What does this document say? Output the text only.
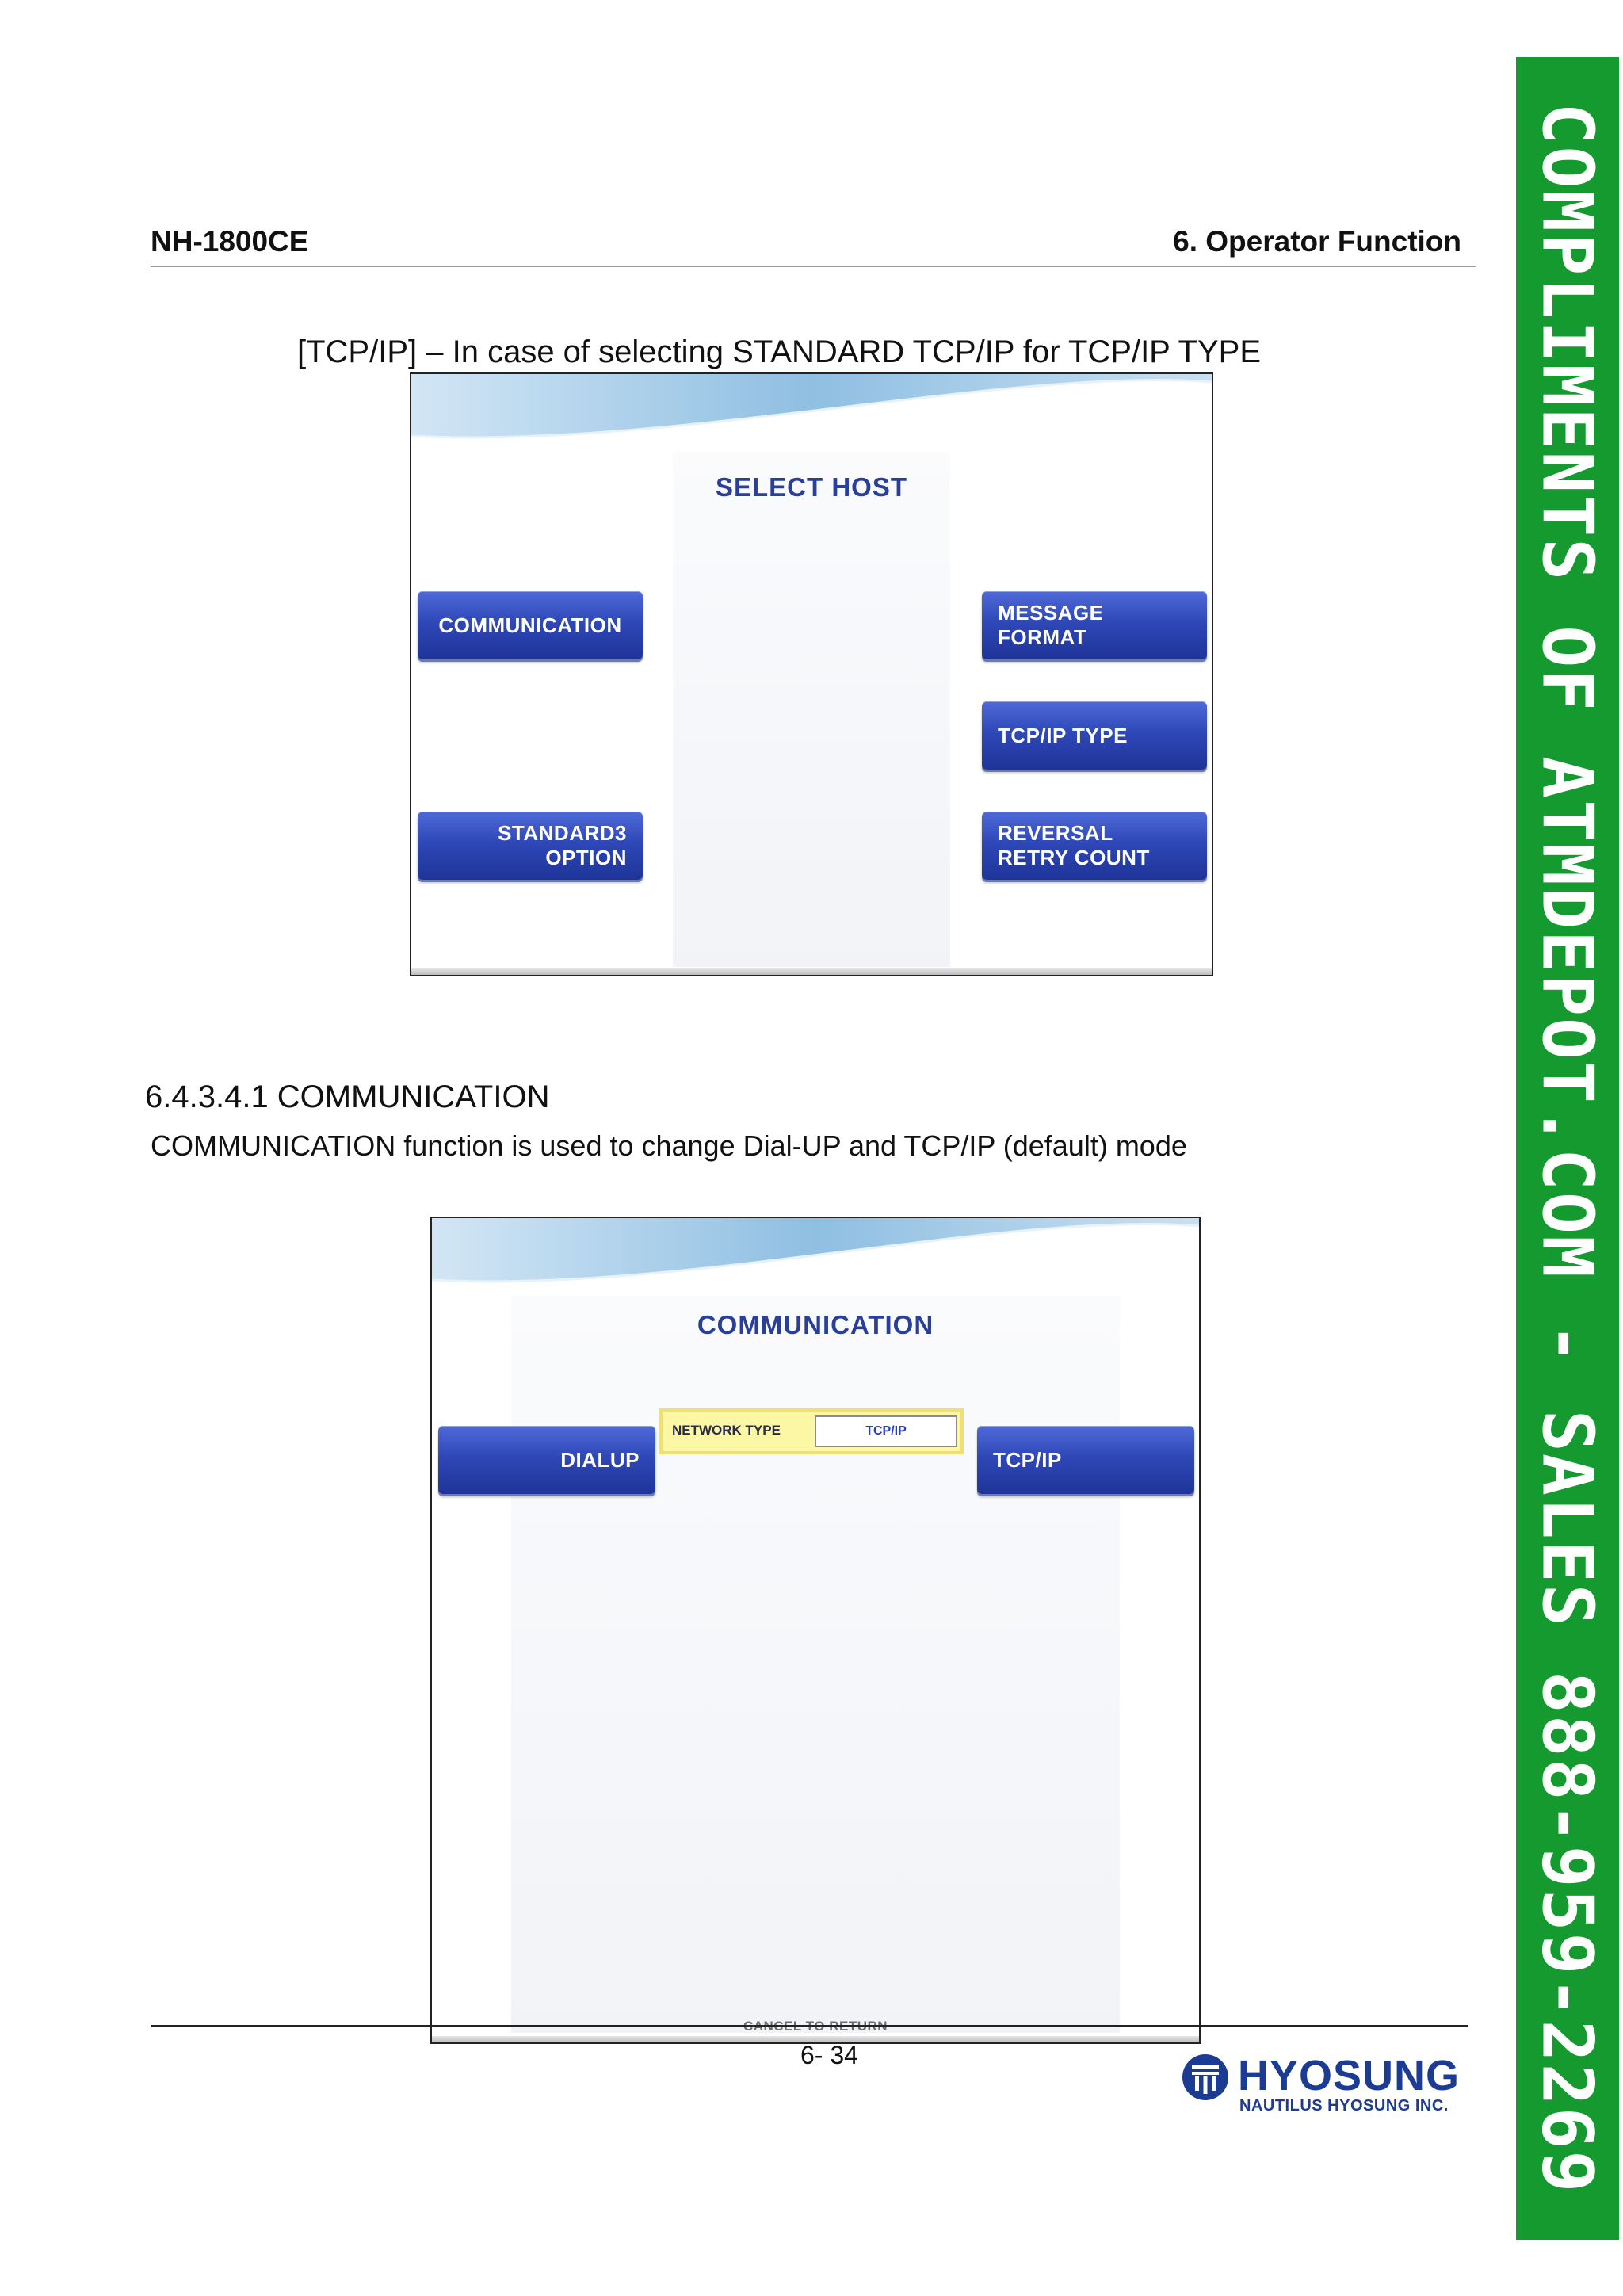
NH-1800CE	6. Operator Function
[TCP/IP] – In case of selecting STANDARD TCP/IP for TCP/IP TYPE
SELECT HOST
COMMUNICATION
MESSAGE FORMAT
TCP/IP TYPE
STANDARD3
OPTION
REVERSAL
RETRY COUNT
6.4.3.4.1 COMMUNICATION
COMMUNICATION function is used to change Dial-UP and TCP/IP (default) mode
COMMUNICATION
DIALUP
NETWORK TYPE	TCP/IP
TCP/IP
6- 34	HYOSUNG
NAUTILUS HYOSUNG INC. COMPLIMENTS OF ATMDEPOT.COM - SALES 888-959-2269
